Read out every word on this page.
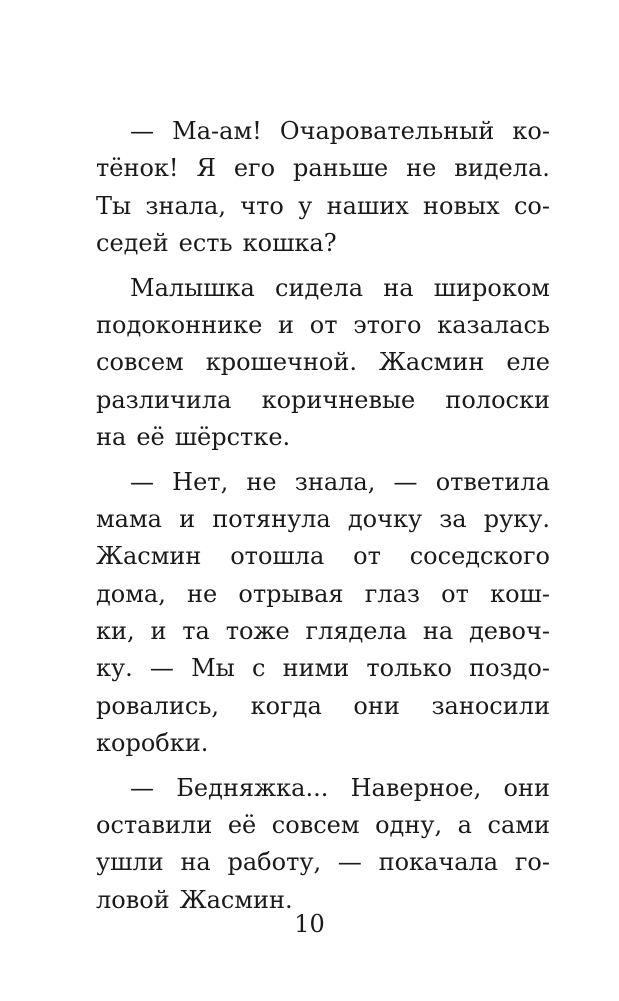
— Ма-ам! Очаровательный ко-
тёнок! Я его раньше не видела.
Ты знала, что у наших новых со-
седей есть кошка?
Малышка сидела на широком
подоконнике и от этого казалась
совсем крошечной. Жасмин еле
различила коричневые полоски
на её шёрстке.
— Нет, не знала, — ответила
мама и потянула дочку за руку.
Жасмин отошла от соседского
дома, не отрывая глаз от кош-
ки, и та тоже глядела на девоч-
ку. — Мы с ними только поздо-
ровались, когда они заносили
коробки.
— Бедняжка... Наверное, они
оставили её совсем одну, а сами
ушли на работу, — покачала го-
ловой Жасмин.
10
